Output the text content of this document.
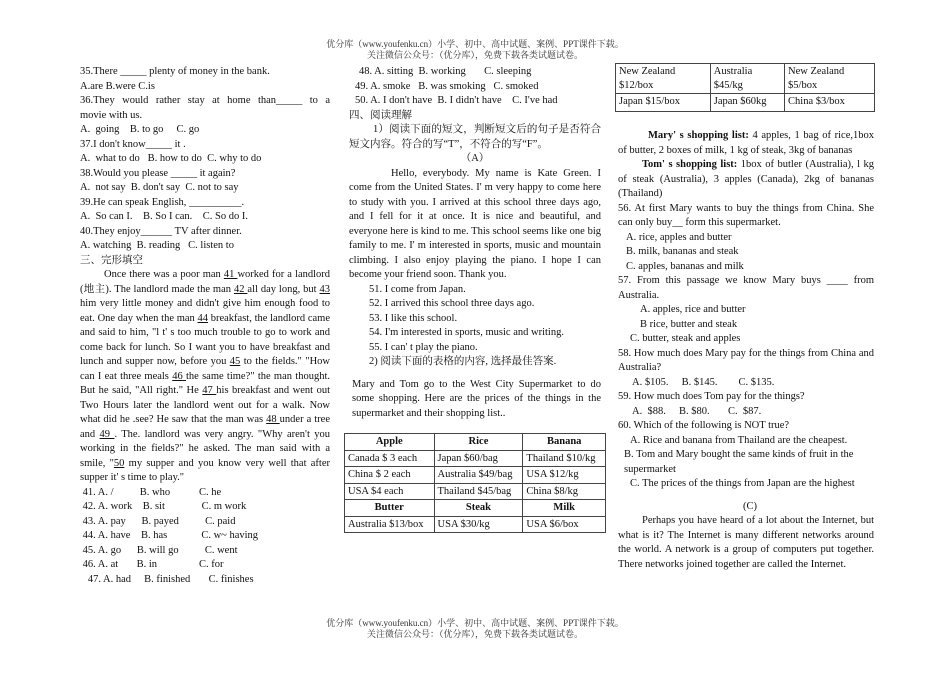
优分库（www.youfenku.cn）小学、初中、高中试题、案例、PPT课件下载。
关注微信公众号：（优分库），免费下载各类试题试卷。
35.There _____ plenty of money in the bank.
A.are B.were C.is
36.They would rather stay at home than_____ to a
movie with us.
A.  going    B. to go     C. go
37.I don't know_____ it .
A.  what to do   B. how to do  C. why to do
38.Would you please _____ it again?
A.  not say  B. don't say  C. not to say
39.He can speak English, __________.
A.  So can I.    B. So I can.    C. So do I.
40.They enjoy______ TV after dinner.
A. watching  B. reading   C. listen to
三、完形填空
Once there was a poor man 41 worked for a landlord (地主). The landlord made the man 42 all day long, but 43 him very little money and didn't give him enough food to eat. One day when the man 44 breakfast, the landlord came and said to him, "l t' s too much trouble to go to work and come back for lunch. So I want you to have breakfast and lunch and supper now, before you 45 to the fields." "How can I eat three meals 46 the same time?" the man thought. But he said, "All right." He 47 his breakfast and went out Two Hours later the landlord went out for a walk. Now what did he .see? He saw that the man was 48 under a tree and 49 . The. landlord was very angry. "Why aren't you working in the fields?" he asked. The man said with a smile, "50 my supper and you know very well that after supper it' s time to play."
41. A. /          B. who           C. he
42. A. work    B. sit              C. m work
43. A. pay      B. payed          C. paid
44. A. have    B. has             C. w~ having
45. A. go      B. will go          C. went
46. A. at       B. in                C. for
47. A. had     B. finished       C. finishes
48. A. sitting  B. working       C. sleeping
49. A. smoke   B. was smoking   C. smoked
50. A. I don't have  B. I didn't have    C. I've had
四、阅读理解
1）阅读下面的短文，判断短文后的句子是否符合短文内容。符合的写“T”，不符合的写“F”。
（A）
Hello, everybody. My name is Kate Green. I come from the United States. I' m very happy to come here to study with you. I arrived at this school three days ago, and I fell for it at once. It is nice and beautiful, and everyone here is kind to me. This school seems like one big family to me. I' m interested in sports, music and mountain climbing. I also enjoy playing the piano. I hope I can become your friend soon. Thank you.
51. I come from Japan.
52. I arrived this school three days ago.
53. I like this school.
54. I'm interested in sports, music and writing.
55. I can' t play the piano.
2) 阅读下面的表格的内容, 选择最佳答案.
Mary and Tom go to the West City Supermarket to do some shopping. Here are the prices of the things in the supermarket and their shopping list..
Apple	Rice	Banana
Canada $ 3 each	Japan $60/bag	Thailand $10/kg
China $ 2 each	Australia $49/bag	USA $12/kg
USA $4 each	Thailand $45/bag	China $8/kg
Butter	Steak	Milk
Australia $13/box	USA $30/kg	USA $6/box
New Zealand $12/box	Australia $45/kg	New Zealand $5/box
Japan $15/box	Japan $60kg	China $3/box
Mary' s shopping list: 4 apples, 1 bag of rice,1box of butter, 2 boxes of milk, 1 kg of steak, 3kg of bananas
Tom' s shopping list: 1box of butler (Australia), l kg of steak (Australia), 3 apples (Canada), 2kg of bananas (Thailand)
56. At first Mary wants to buy the things from China. She can only buy__ form this supermarket.
A. rice, apples and butter
B. milk, bananas and steak
C. apples, bananas and milk
57. From this passage we know Mary buys ____ from Australia.
A. apples, rice and butter
B rice, butter and steak
C. butter, steak and apples
58. How much does Mary pay for the things from China and Australia?
A. $105.     B. $145.        C. $135.
59. How much does Tom pay for the things?
A.  $88.     B. $80.       C.  $87.
60. Which of the following is NOT true?
A. Rice and banana from Thailand are the cheapest.
B. Tom and Mary bought the same kinds of fruit in the supermarket
C. The prices of the things from Japan are the highest
(C)
Perhaps you have heard of a lot about the Internet, but what is it? The Internet is many different networks around the world. A network is a group of computers put together. There networks joined together are called the Internet.
优分库（www.youfenku.cn）小学、初中、高中试题、案例、PPT课件下载。
关注微信公众号：（优分库），免费下载各类试题试卷。
